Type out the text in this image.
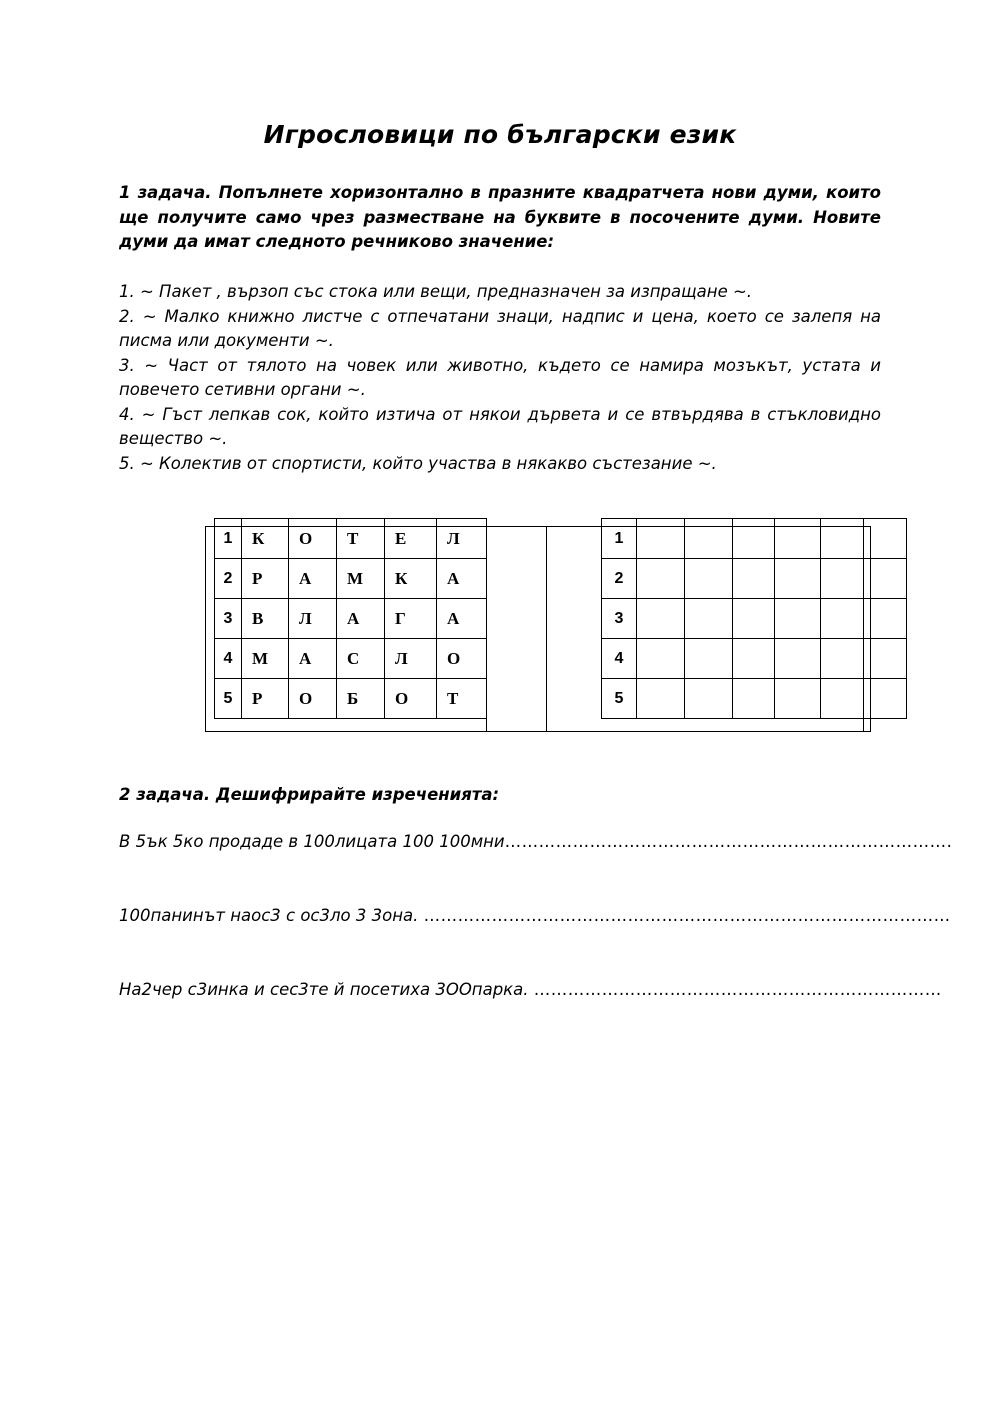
Игрословици по български език
1 задача. Попълнете хоризонтално в празните квадратчета нови думи, които ще получите само чрез разместване на буквите в посочените думи. Новите думи да имат следното речниково значение:
1. ~ Пакет , вързоп със стока или вещи, предназначен за изпращане ~.
2. ~ Малко книжно листче с отпечатани знаци, надпис и цена, което се залепя на писма или документи ~.
3. ~ Част от тялото на човек или животно, където се намира мозъкът, устата и повечето сетивни органи ~.
4. ~ Гъст лепкав сок, който изтича от някои дървета и се втвърдява в стъкловидно вещество ~.
5. ~ Колектив от спортисти, който участва в някакво състезание ~.
1	К	О	Т	Е	Л
2	Р	А	М	К	А
3	В	Л	А	Г	А
4	М	А	С	Л	О
5	Р	О	Б	О	Т
1						
2						
3						
4						
5						
2 задача. Дешифрирайте изреченията:
В 5ък 5ко продаде в 100лицата 100 100мни…………………………………………………………………….
100панинът наос3 с ос3ло 3 3она. …………………………………………………………………………………
На2чер с3инка и сес3те й посетиха 3ООпарка. ………………………………………………………………
